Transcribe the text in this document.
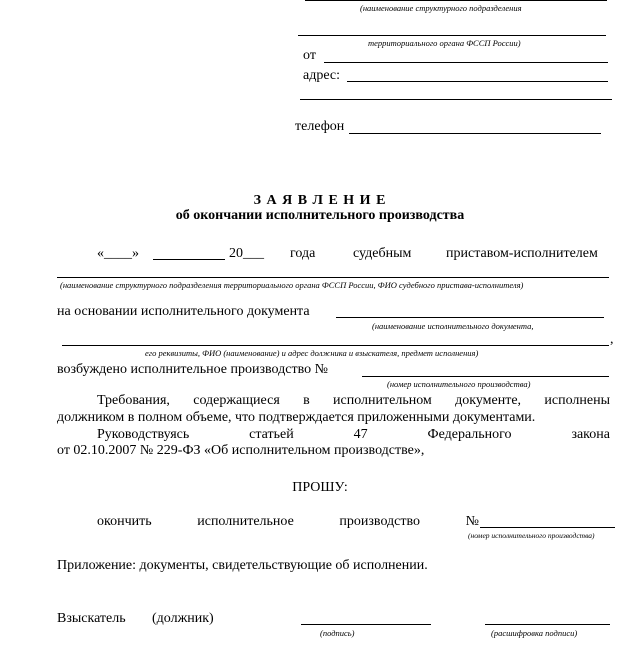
(наименование структурного подразделения
территориального органа ФССП России)
от
адрес:
телефон
З А Я В Л Е Н И Е
об окончании исполнительного производства
«____»	20___ года	судебным приставом-исполнителем
(наименование структурного подразделения территориального органа ФССП России, ФИО судебного пристава-исполнителя)
на основании исполнительного документа
(наименование исполнительного документа,
,
его реквизиты, ФИО (наименование) и адрес должника и взыскателя, предмет исполнения)
возбуждено исполнительное производство №
(номер исполнительного производства)
Требования, содержащиеся в исполнительном документе, исполнены
должником в полном объеме, что подтверждается приложенными документами.
Руководствуясь	статьей	47	Федерального	закона
от 02.10.2007 № 229-ФЗ «Об исполнительном производстве»,
ПРОШУ:
окончить	исполнительное	производство	№
(номер исполнительного производства)
Приложение: документы, свидетельствующие об исполнении.
Взыскатель (должник)
(подпись)	(расшифровка подписи)
